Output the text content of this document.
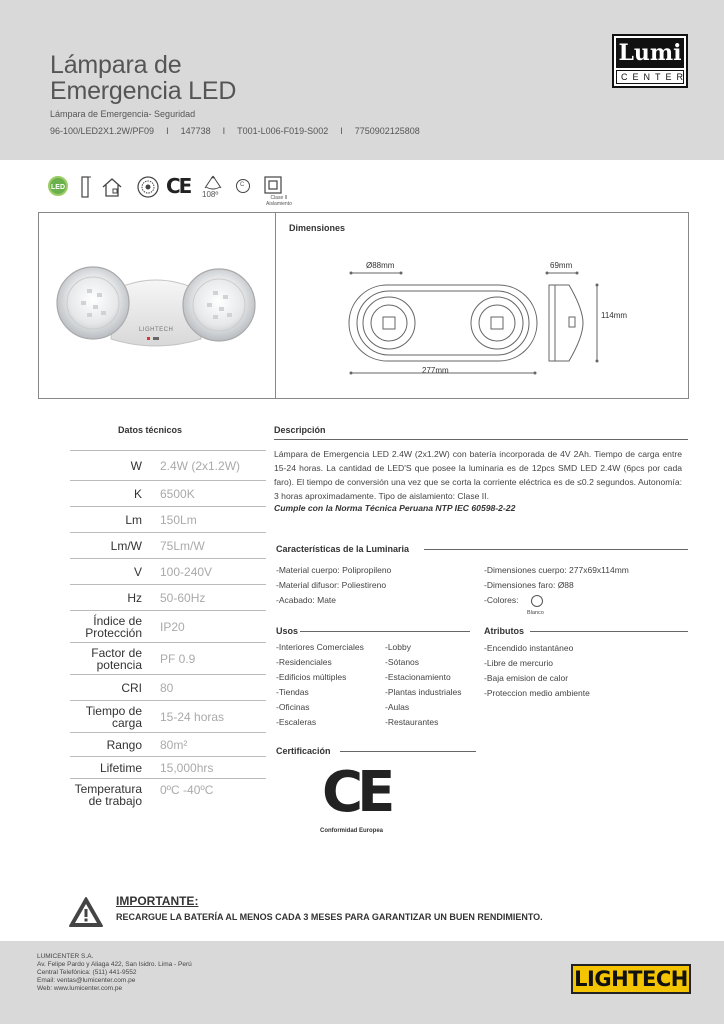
Lámpara de
Emergencia LED
Lámpara de Emergencia- Seguridad
96-100/LED2X1.2W/PF09	I	147738	I	T001-L006-F019-S002	I	7750902125808
Lumi
CENTER
LED	CE 108º
C
Clase II
Aislamiento
LIGHTECH
Dimensiones
Ø88mm	69mm
114mm
277mm
Datos técnicos
W 2.4W (2x1.2W)
K 6500K
Lm 150Lm
Lm/W 75Lm/W
V 100-240V
Hz 50-60Hz
Índice de Protección IP20
Factor de potencia PF 0.9
CRI 80
Tiempo de carga 15-24 horas
Rango 80m²
Lifetime 15,000hrs
Temperatura de trabajo
0ºC -40ºC
Descripción
Lámpara de Emergencia LED 2.4W (2x1.2W) con batería incorporada de 4V 2Ah. Tiempo de carga entre 15-24 horas. La cantidad de LED'S que posee la luminaria es de 12pcs SMD LED 2.4W (6pcs por cada faro). El tiempo de conversión una vez que se corta la corriente eléctrica es de ≤0.2 segundos. Autonomía: 3 horas aproximadamente. Tipo de aislamiento: Clase II.
Cumple con la Norma Técnica Peruana NTP IEC 60598-2-22
Características de la Luminaria
-Material cuerpo: Polipropileno
-Material difusor: Poliestireno
-Acabado: Mate
-Dimensiones cuerpo: 277x69x114mm
-Dimensiones faro: Ø88
-Colores:
Blanco
Usos
-Interiores Comerciales
-Residenciales
-Edificios múltiples
-Tiendas
-Oficinas
-Escaleras
-Lobby
-Sótanos
-Estacionamiento
-Plantas industriales
-Aulas
-Restaurantes
Atributos
-Encendido instantáneo
-Libre de mercurio
-Baja emision de calor
-Proteccion medio ambiente
Certificación
CE
Conformidad Europea
IMPORTANTE:
RECARGUE LA BATERÍA AL MENOS CADA 3 MESES PARA GARANTIZAR UN BUEN RENDIMIENTO.
LUMICENTER S.A.
Av. Felipe Pardo y Aliaga 422, San Isidro. Lima - Perú
Central Telefónica: (511) 441-9552
Email: ventas@lumicenter.com.pe
Web: www.lumicenter.com.pe	LIGHTECH
